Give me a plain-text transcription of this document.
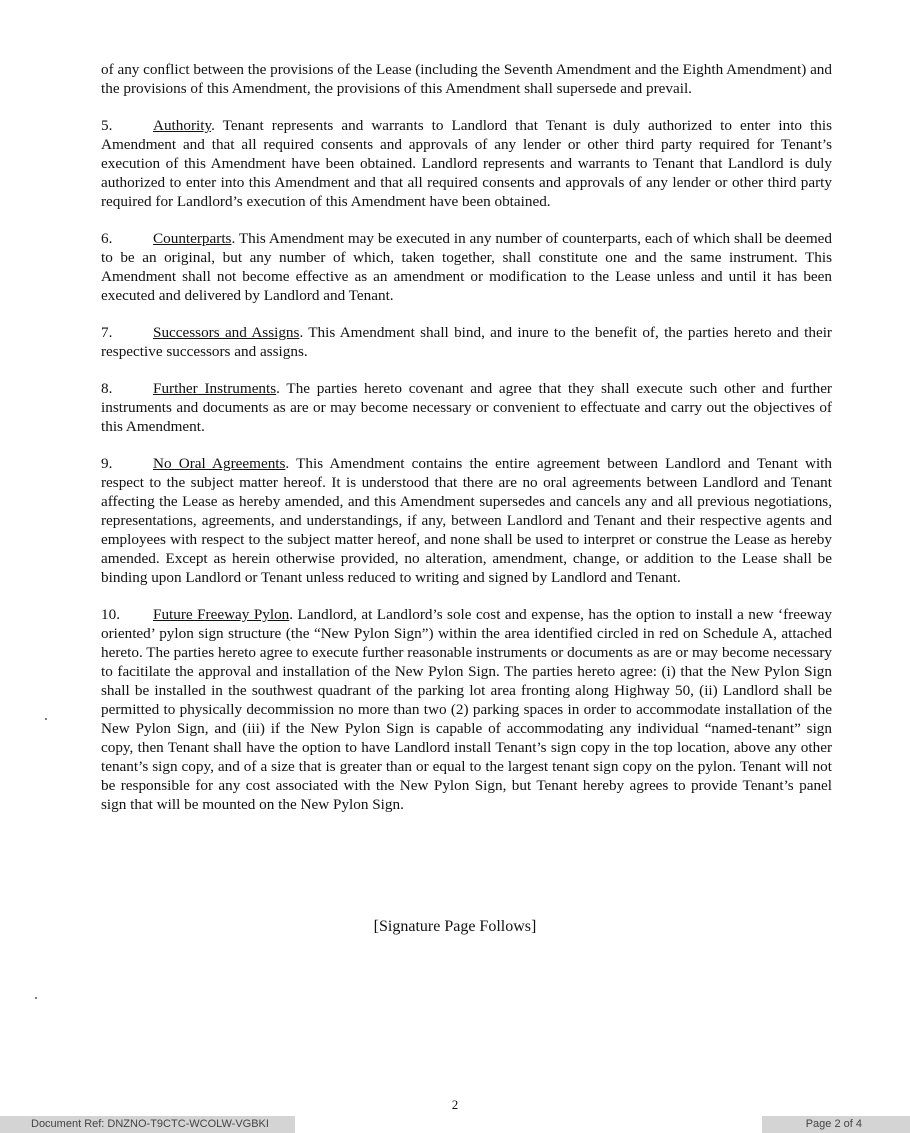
of any conflict between the provisions of the Lease (including the Seventh Amendment and the Eighth Amendment) and the provisions of this Amendment, the provisions of this Amendment shall supersede and prevail.

5.	Authority. Tenant represents and warrants to Landlord that Tenant is duly authorized to enter into this Amendment and that all required consents and approvals of any lender or other third party required for Tenant’s execution of this Amendment have been obtained. Landlord represents and warrants to Tenant that Landlord is duly authorized to enter into this Amendment and that all required consents and approvals of any lender or other third party required for Landlord’s execution of this Amendment have been obtained.

6.	Counterparts. This Amendment may be executed in any number of counterparts, each of which shall be deemed to be an original, but any number of which, taken together, shall constitute one and the same instrument. This Amendment shall not become effective as an amendment or modification to the Lease unless and until it has been executed and delivered by Landlord and Tenant.

7.	Successors and Assigns. This Amendment shall bind, and inure to the benefit of, the parties hereto and their respective successors and assigns.

8.	Further Instruments. The parties hereto covenant and agree that they shall execute such other and further instruments and documents as are or may become necessary or convenient to effectuate and carry out the objectives of this Amendment.

9.	No Oral Agreements. This Amendment contains the entire agreement between Landlord and Tenant with respect to the subject matter hereof. It is understood that there are no oral agreements between Landlord and Tenant affecting the Lease as hereby amended, and this Amendment supersedes and cancels any and all previous negotiations, representations, agreements, and understandings, if any, between Landlord and Tenant and their respective agents and employees with respect to the subject matter hereof, and none shall be used to interpret or construe the Lease as hereby amended. Except as herein otherwise provided, no alteration, amendment, change, or addition to the Lease shall be binding upon Landlord or Tenant unless reduced to writing and signed by Landlord and Tenant.

10. Future Freeway Pylon. Landlord, at Landlord’s sole cost and expense, has the option to install a new ‘freeway oriented’ pylon sign structure (the “New Pylon Sign”) within the area identified circled in red on Schedule A, attached hereto. The parties hereto agree to execute further reasonable instruments or documents as are or may become necessary to facitilate the approval and installation of the New Pylon Sign. The parties hereto agree: (i) that the New Pylon Sign shall be installed in the southwest quadrant of the parking lot area fronting along Highway 50, (ii) Landlord shall be permitted to physically decommission no more than two (2) parking spaces in order to accommodate installation of the New Pylon Sign, and (iii) if the New Pylon Sign is capable of accommodating any individual “named-tenant” sign copy, then Tenant shall have the option to have Landlord install Tenant’s sign copy in the top location, above any other tenant’s sign copy, and of a size that is greater than or equal to the largest tenant sign copy on the pylon. Tenant will not be responsible for any cost associated with the New Pylon Sign, but Tenant hereby agrees to provide Tenant’s panel sign that will be mounted on the New Pylon Sign.

[Signature Page Follows]
2
Document Ref: DNZNO-T9CTC-WCOLW-VGBKI	Page 2 of 4
